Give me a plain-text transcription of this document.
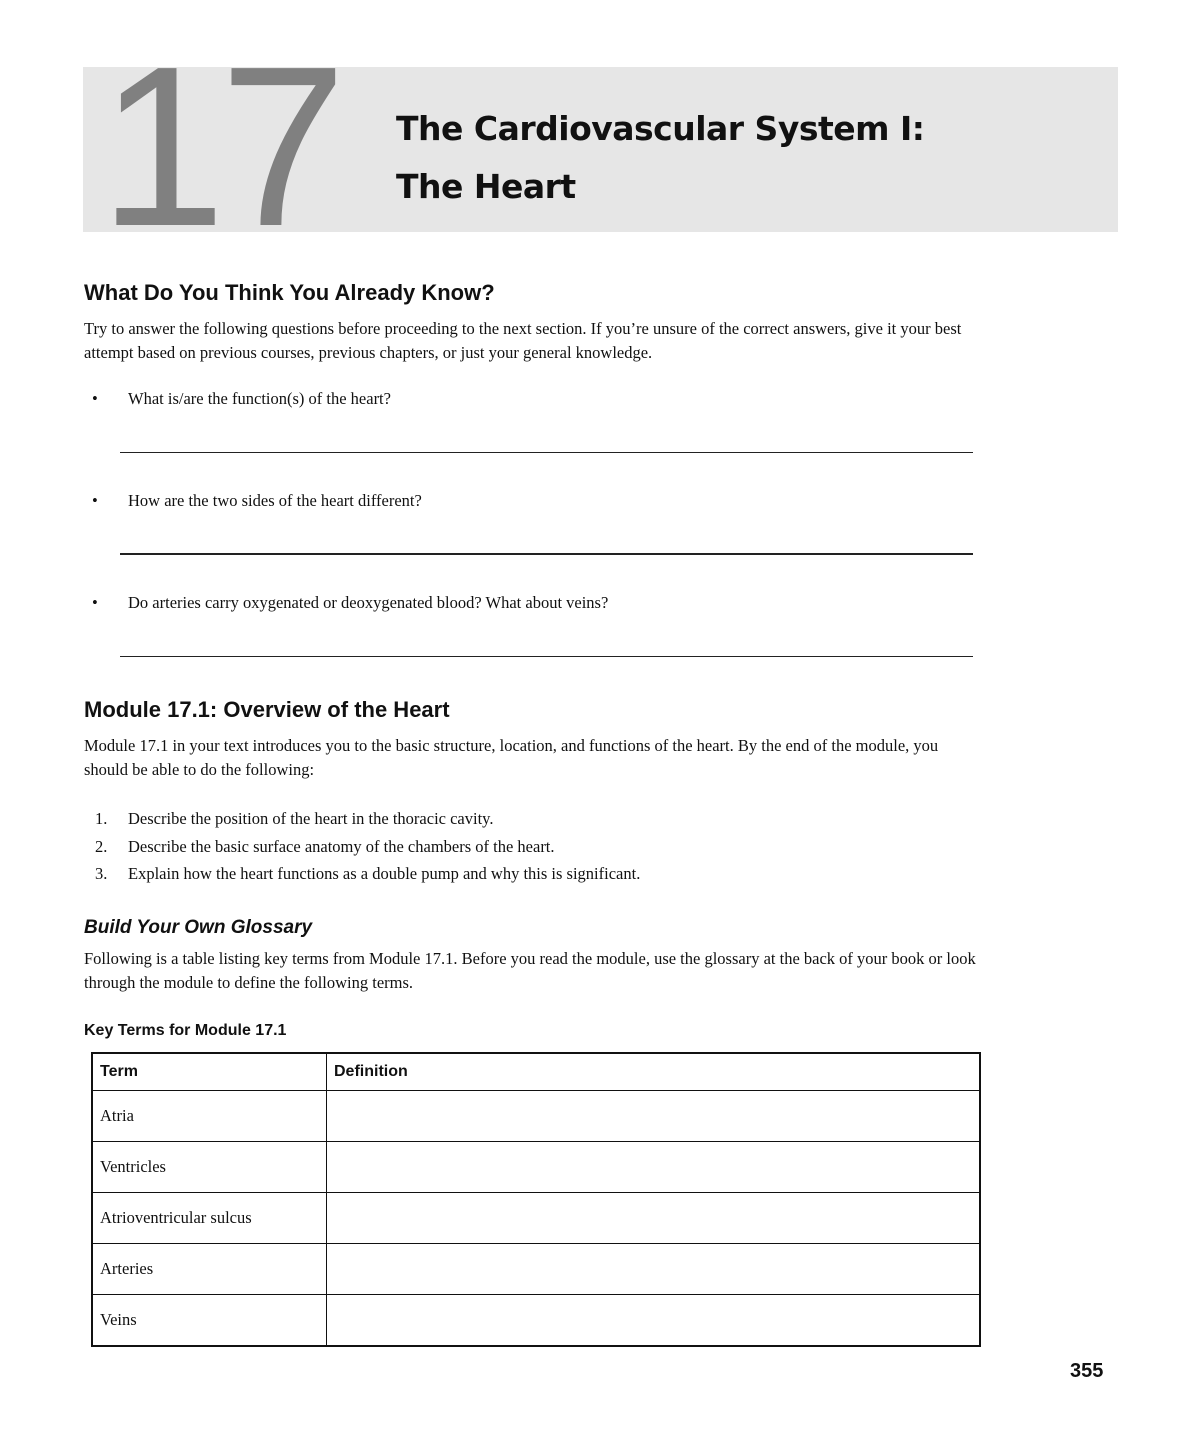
17 The Cardiovascular System I:
The Heart
What Do You Think You Already Know?

Try to answer the following questions before proceeding to the next section. If you’re unsure of the correct answers, give it your best attempt based on previous courses, previous chapters, or just your general knowledge.

• What is/are the function(s) of the heart?
• How are the two sides of the heart different?
• Do arteries carry oxygenated or deoxygenated blood? What about veins?
Module 17.1: Overview of the Heart

Module 17.1 in your text introduces you to the basic structure, location, and functions of the heart. By the end of the module, you should be able to do the following:

1. Describe the position of the heart in the thoracic cavity.
2. Describe the basic surface anatomy of the chambers of the heart.
3. Explain how the heart functions as a double pump and why this is significant.
Build Your Own Glossary

Following is a table listing key terms from Module 17.1. Before you read the module, use the glossary at the back of your book or look through the module to define the following terms.

Key Terms for Module 17.1

Term	Definition
Atria	
Ventricles	
Atrioventricular sulcus	
Arteries	
Veins	

355
